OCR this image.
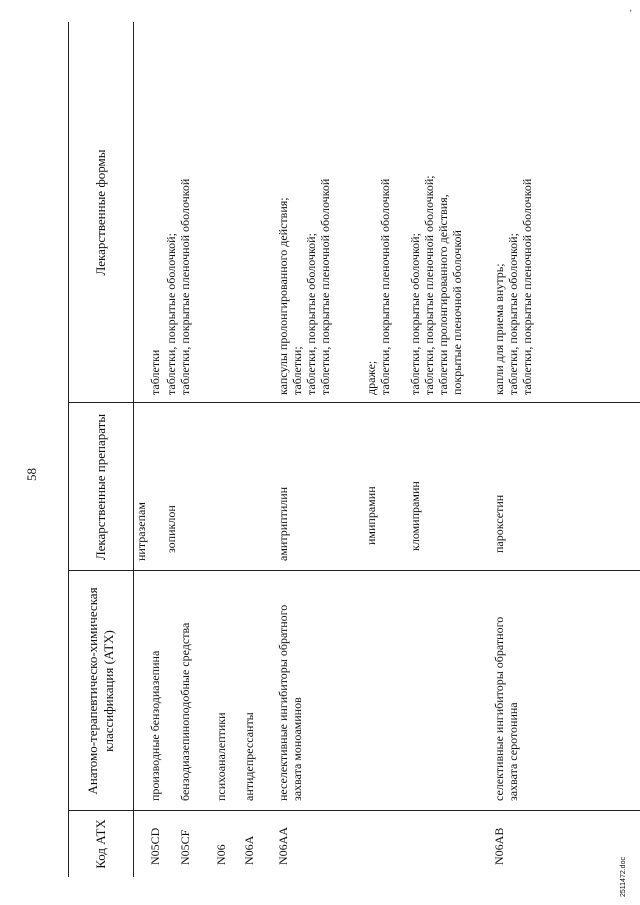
58
Код АТХ
Анатомо-терапевтическо-химическая классификация (АТХ)
Лекарственные препараты
Лекарственные формы
N05CD
производные бензодиазепина
нитразепам
таблетки
N05CF
бензодиазепиноподобные средства
зопиклон
таблетки, покрытые оболочкой; таблетки, покрытые пленочной оболочкой
N06
психоаналептики
N06A
антидепрессанты
N06AA
неселективные ингибиторы обратного захвата моноаминов
амитриптилин
капсулы пролонгированного действия; таблетки; таблетки, покрытые оболочкой; таблетки, покрытые пленочной оболочкой
имипрамин
драже; таблетки, покрытые пленочной оболочкой
кломипрамин
таблетки, покрытые оболочкой; таблетки, покрытые пленочной оболочкой; таблетки пролонгированного действия, покрытые пленочной оболочкой
N06AB
селективные ингибиторы обратного захвата серотонина
пароксетин
капли для приема внутрь; таблетки, покрытые оболочкой; таблетки, покрытые пленочной оболочкой
2511472.doc
-
